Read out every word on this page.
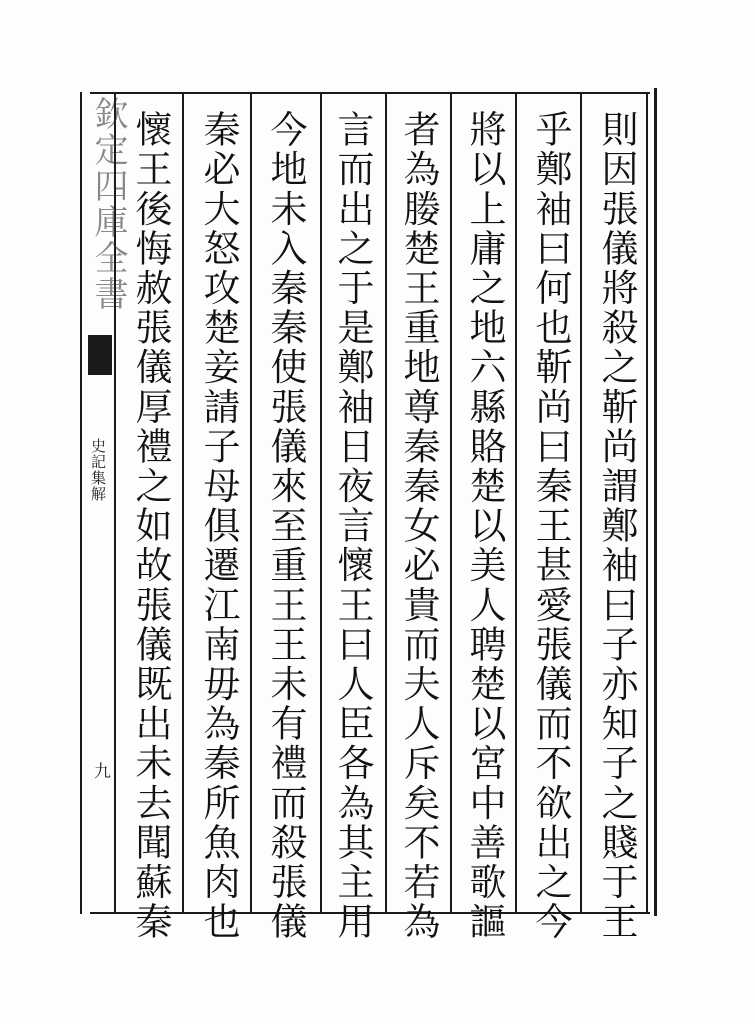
欽定四庫全書
史記集解
九	則因張儀將殺之靳尚謂鄭袖曰子亦知子之賤于王
乎鄭袖曰何也靳尚曰秦王甚愛張儀而不欲出之今
將以上庸之地六縣賂楚以美人聘楚以宮中善歌謳
者為媵楚王重地尊秦秦女必貴而夫人斥矣不若為
言而出之于是鄭袖日夜言懷王曰人臣各為其主用
今地未入秦秦使張儀來至重王王未有禮而殺張儀
秦必大怒攻楚妾請子母俱遷江南毋為秦所魚肉也
懷王後悔赦張儀厚禮之如故張儀既出未去聞蘇秦
